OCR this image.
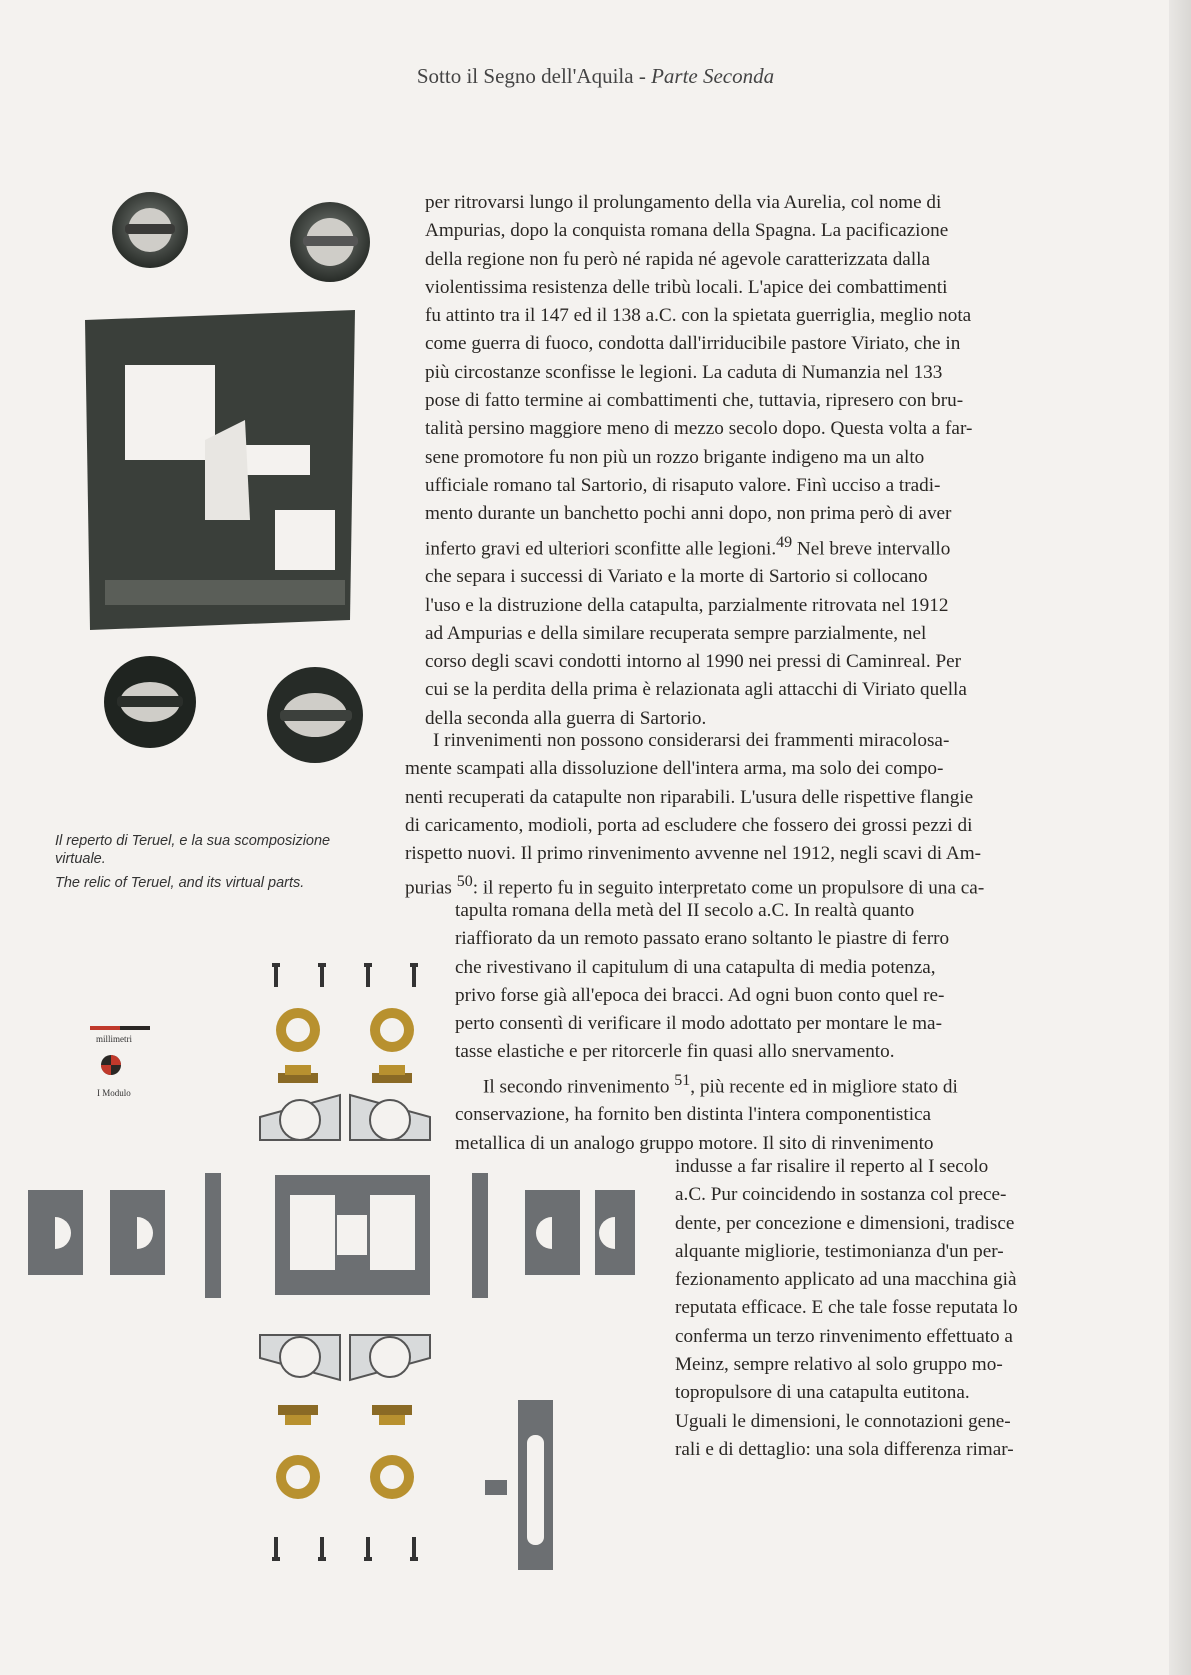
Sotto il Segno dell'Aquila - Parte Seconda

Il reperto di Teruel, e la sua scomposizione virtuale.

The relic of Teruel, and its virtual parts.

millimetri
I Modulo
per ritrovarsi lungo il prolungamento della via Aurelia, col nome di
Ampurias, dopo la conquista romana della Spagna. La pacificazione
della regione non fu però né rapida né agevole caratterizzata dalla
violentissima resistenza delle tribù locali. L'apice dei combattimenti
fu attinto tra il 147 ed il 138 a.C. con la spietata guerriglia, meglio nota
come guerra di fuoco, condotta dall'irriducibile pastore Viriato, che in
più circostanze sconfisse le legioni. La caduta di Numanzia nel 133
pose di fatto termine ai combattimenti che, tuttavia, ripresero con bru-
talità persino maggiore meno di mezzo secolo dopo. Questa volta a far-
sene promotore fu non più un rozzo brigante indigeno ma un alto
ufficiale romano tal Sartorio, di risaputo valore. Finì ucciso a tradi-
mento durante un banchetto pochi anni dopo, non prima però di aver
inferto gravi ed ulteriori sconfitte alle legioni.$^{49}$ Nel breve intervallo
che separa i successi di Variato e la morte di Sartorio si collocano
l'uso e la distruzione della catapulta, parzialmente ritrovata nel 1912
ad Ampurias e della similare recuperata sempre parzialmente, nel
corso degli scavi condotti intorno al 1990 nei pressi di Caminreal. Per
cui se la perdita della prima è relazionata agli attacchi di Viriato quella
della seconda alla guerra di Sartorio.
I rinvenimenti non possono considerarsi dei frammenti miracolosa-
mente scampati alla dissoluzione dell'intera arma, ma solo dei compo-
nenti recuperati da catapulte non riparabili. L'usura delle rispettive flangie
di caricamento, modioli, porta ad escludere che fossero dei grossi pezzi di
rispetto nuovi. Il primo rinvenimento avvenne nel 1912, negli scavi di Am-
purias $^{50}$: il reperto fu in seguito interpretato come un propulsore di una ca-
tapulta romana della metà del II secolo a.C. In realtà quanto
riaffiorato da un remoto passato erano soltanto le piastre di ferro
che rivestivano il capitulum di una catapulta di media potenza,
privo forse già all'epoca dei bracci. Ad ogni buon conto quel re-
perto consentì di verificare il modo adottato per montare le ma-
tasse elastiche e per ritorcerle fin quasi allo snervamento.
Il secondo rinvenimento $^{51}$, più recente ed in migliore stato di
conservazione, ha fornito ben distinta l'intera componentistica
metallica di un analogo gruppo motore. Il sito di rinvenimento
indusse a far risalire il reperto al I secolo
a.C. Pur coincidendo in sostanza col prece-
dente, per concezione e dimensioni, tradisce
alquante migliorie, testimonianza d'un per-
fezionamento applicato ad una macchina già
reputata efficace. E che tale fosse reputata lo
conferma un terzo rinvenimento effettuato a
Meinz, sempre relativo al solo gruppo mo-
topropulsore di una catapulta eutitona.
Uguali le dimensioni, le connotazioni gene-
rali e di dettaglio: una sola differenza rimar-
